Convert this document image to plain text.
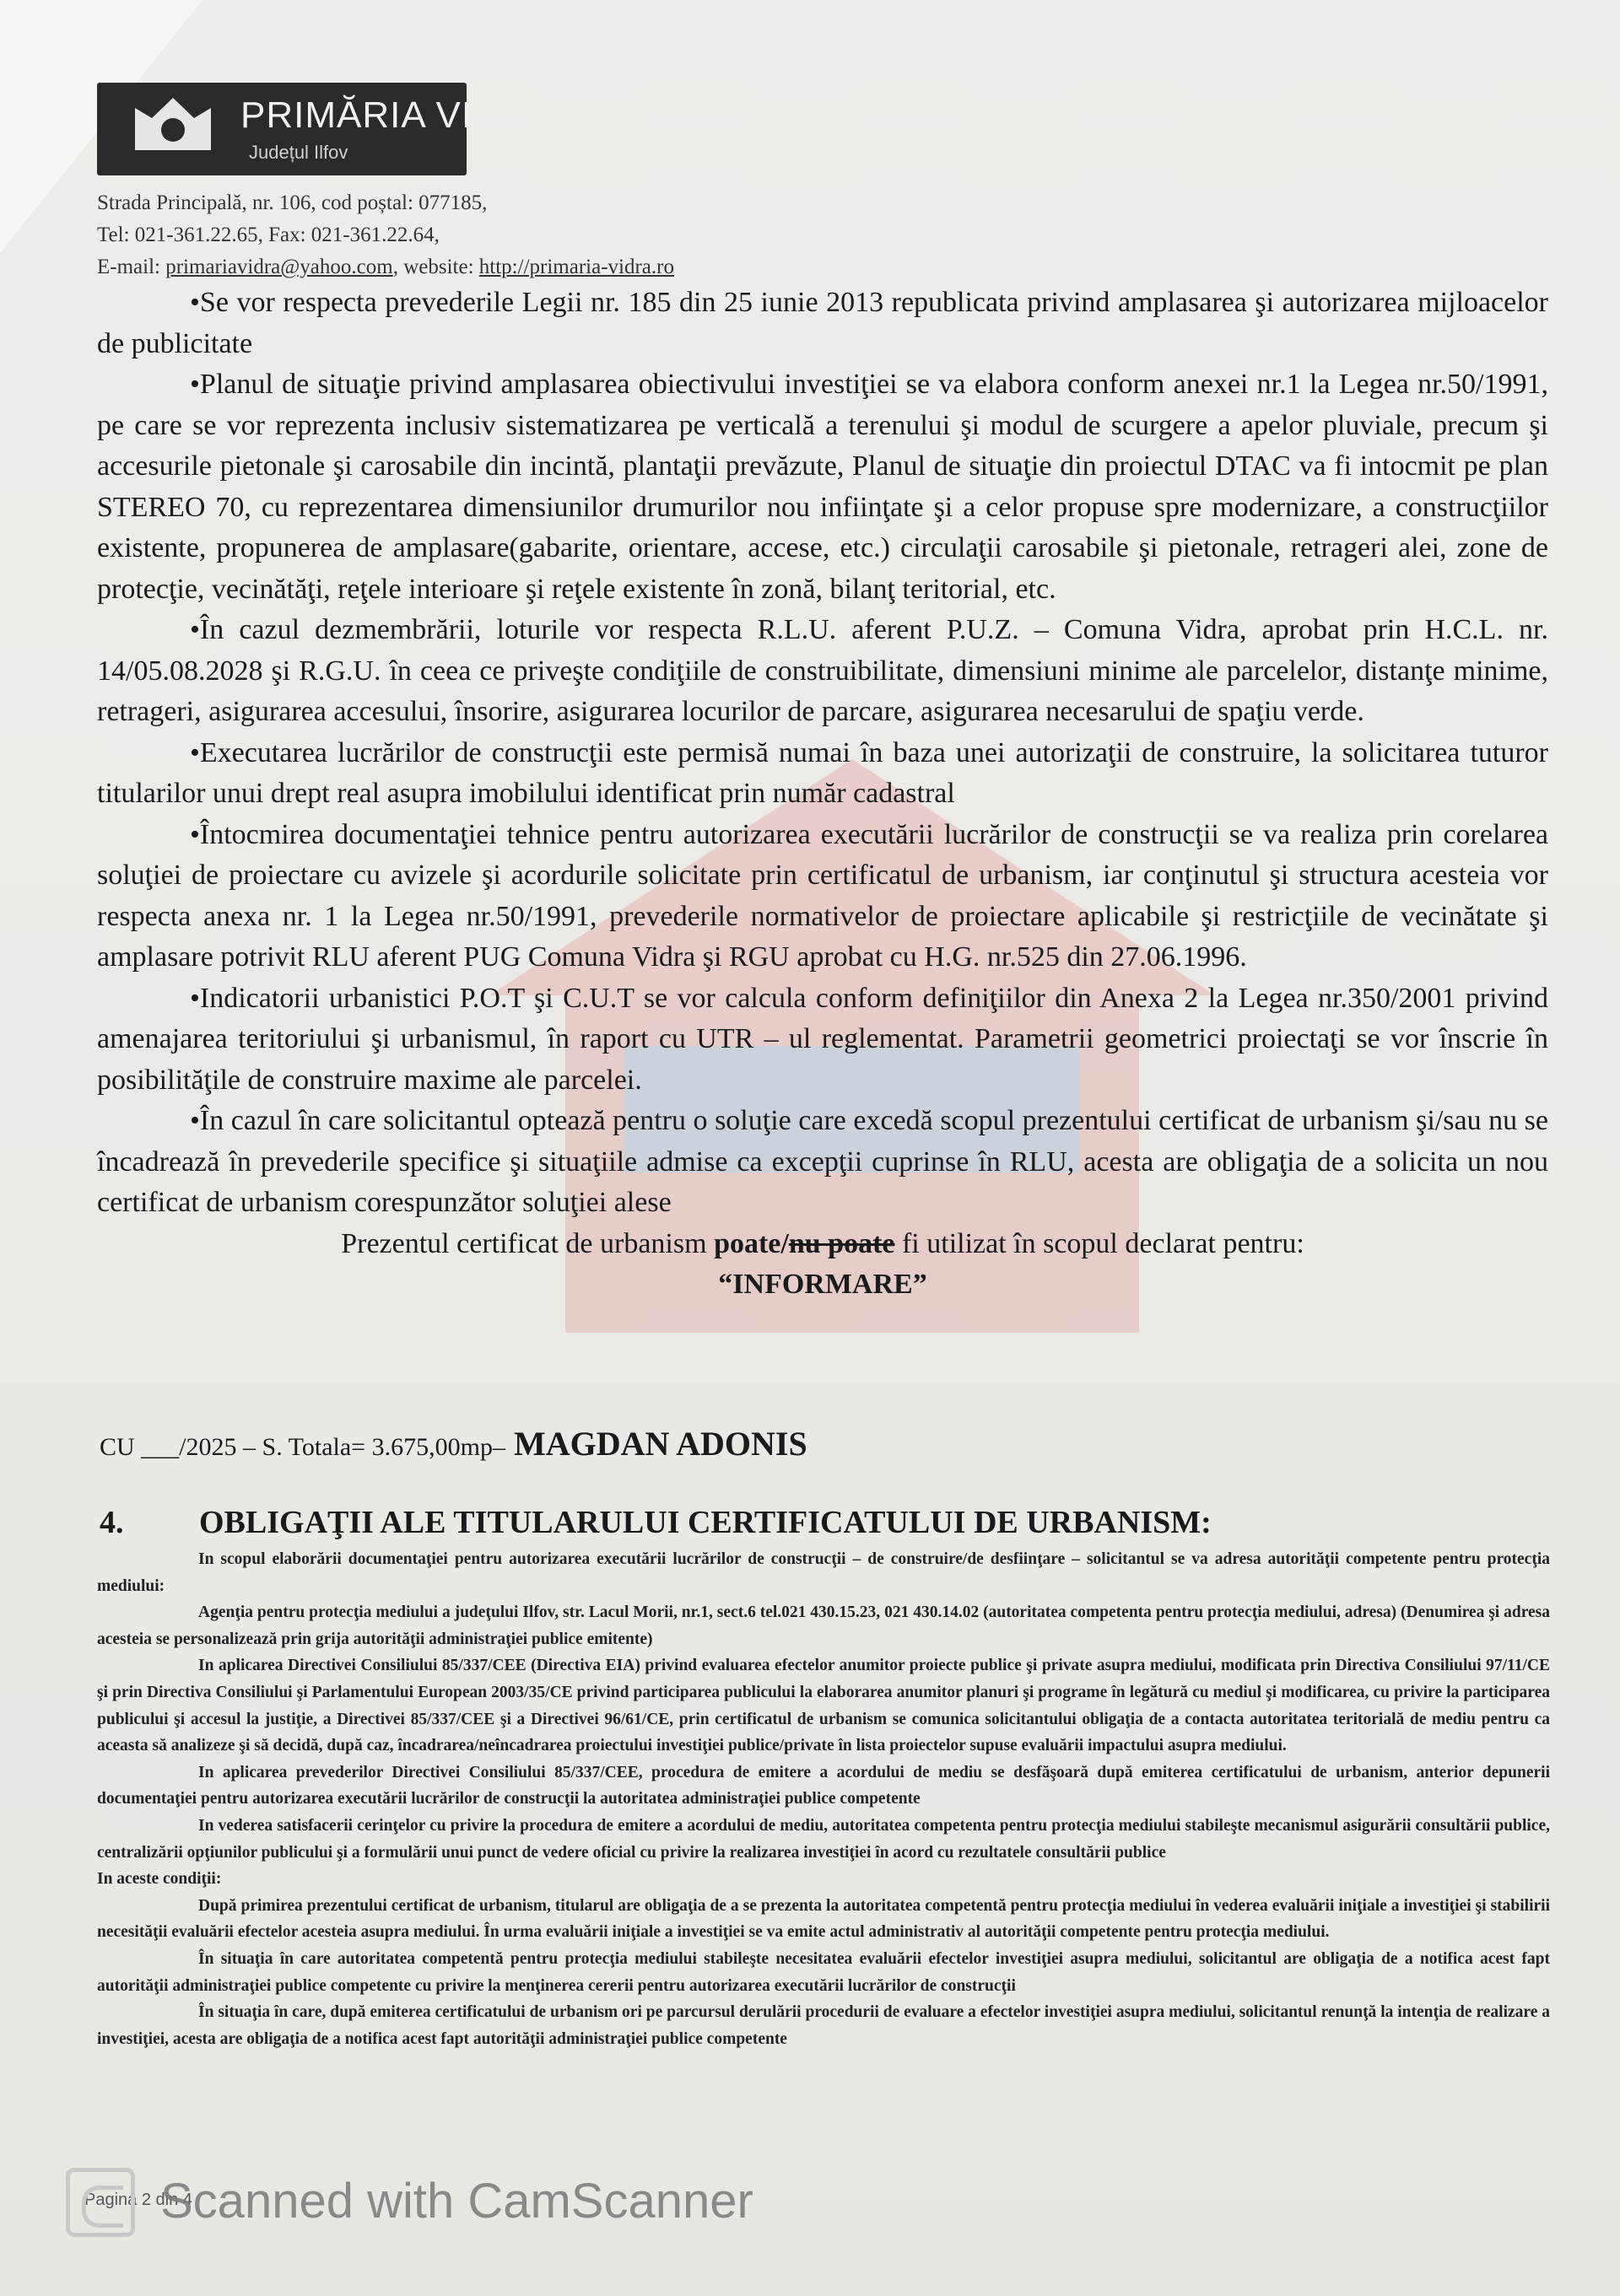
PRIMĂRIA VI
Județul Ilfov
Strada Principală, nr. 106, cod poștal: 077185,
Tel: 021-361.22.65, Fax: 021-361.22.64,
E-mail: primariavidra@yahoo.com, website: http://primaria-vidra.ro

•Se vor respecta prevederile Legii nr. 185 din 25 iunie 2013 republicata privind amplasarea şi autorizarea mijloacelor de publicitate

•Planul de situaţie privind amplasarea obiectivului investiţiei se va elabora conform anexei nr.1 la Legea nr.50/1991, pe care se vor reprezenta inclusiv sistematizarea pe verticală a terenului şi modul de scurgere a apelor pluviale, precum şi accesurile pietonale şi carosabile din incintă, plantaţii prevăzute, Planul de situaţie din proiectul DTAC va fi intocmit pe plan STEREO 70, cu reprezentarea dimensiunilor drumurilor nou infiinţate şi a celor propuse spre modernizare, a construcţiilor existente, propunerea de amplasare(gabarite, orientare, accese, etc.) circulaţii carosabile şi pietonale, retrageri alei, zone de protecţie, vecinătăţi, reţele interioare şi reţele existente în zonă, bilanţ teritorial, etc.

•În cazul dezmembrării, loturile vor respecta R.L.U. aferent P.U.Z. – Comuna Vidra, aprobat prin H.C.L. nr. 14/05.08.2028 şi R.G.U. în ceea ce priveşte condiţiile de construibilitate, dimensiuni minime ale parcelelor, distanţe minime, retrageri, asigurarea accesului, însorire, asigurarea locurilor de parcare, asigurarea necesarului de spaţiu verde.

•Executarea lucrărilor de construcţii este permisă numai în baza unei autorizaţii de construire, la solicitarea tuturor titularilor unui drept real asupra imobilului identificat prin număr cadastral

•Întocmirea documentaţiei tehnice pentru autorizarea executării lucrărilor de construcţii se va realiza prin corelarea soluţiei de proiectare cu avizele şi acordurile solicitate prin certificatul de urbanism, iar conţinutul şi structura acesteia vor respecta anexa nr. 1 la Legea nr.50/1991, prevederile normativelor de proiectare aplicabile şi restricţiile de vecinătate şi amplasare potrivit RLU aferent PUG Comuna Vidra şi RGU aprobat cu H.G. nr.525 din 27.06.1996.

•Indicatorii urbanistici P.O.T şi C.U.T se vor calcula conform definiţiilor din Anexa 2 la Legea nr.350/2001 privind amenajarea teritoriului şi urbanismul, în raport cu UTR – ul reglementat. Parametrii geometrici proiectaţi se vor înscrie în posibilităţile de construire maxime ale parcelei.

•În cazul în care solicitantul optează pentru o soluţie care excedă scopul prezentului certificat de urbanism şi/sau nu se încadrează în prevederile specifice şi situaţiile admise ca excepţii cuprinse în RLU, acesta are obligaţia de a solicita un nou certificat de urbanism corespunzător soluţiei alese

Prezentul certificat de urbanism poate/nu poate fi utilizat în scopul declarat pentru:

“INFORMARE”

CU ___/2025 – S. Totala= 3.675,00mp– MAGDAN ADONIS
4. OBLIGAŢII ALE TITULARULUI CERTIFICATULUI DE URBANISM:

In scopul elaborării documentaţiei pentru autorizarea executării lucrărilor de construcţii – de construire/de desfiinţare – solicitantul se va adresa autorităţii competente pentru protecţia mediului:

Agenţia pentru protecţia mediului a judeţului Ilfov, str. Lacul Morii, nr.1, sect.6 tel.021 430.15.23, 021 430.14.02 (autoritatea competenta pentru protecţia mediului, adresa) (Denumirea şi adresa acesteia se personalizează prin grija autorităţii administraţiei publice emitente)

In aplicarea Directivei Consiliului 85/337/CEE (Directiva EIA) privind evaluarea efectelor anumitor proiecte publice şi private asupra mediului, modificata prin Directiva Consiliului 97/11/CE şi prin Directiva Consiliului şi Parlamentului European 2003/35/CE privind participarea publicului la elaborarea anumitor planuri şi programe în legătură cu mediul şi modificarea, cu privire la participarea publicului şi accesul la justiţie, a Directivei 85/337/CEE şi a Directivei 96/61/CE, prin certificatul de urbanism se comunica solicitantului obligaţia de a contacta autoritatea teritorială de mediu pentru ca aceasta să analizeze şi să decidă, după caz, încadrarea/neîncadrarea proiectului investiţiei publice/private în lista proiectelor supuse evaluării impactului asupra mediului.

In aplicarea prevederilor Directivei Consiliului 85/337/CEE, procedura de emitere a acordului de mediu se desfăşoară după emiterea certificatului de urbanism, anterior depunerii documentaţiei pentru autorizarea executării lucrărilor de construcţii la autoritatea administraţiei publice competente

In vederea satisfacerii cerinţelor cu privire la procedura de emitere a acordului de mediu, autoritatea competenta pentru protecţia mediului stabileşte mecanismul asigurării consultării publice, centralizării opţiunilor publicului şi a formulării unui punct de vedere oficial cu privire la realizarea investiţiei în acord cu rezultatele consultării publice

In aceste condiţii:

După primirea prezentului certificat de urbanism, titularul are obligaţia de a se prezenta la autoritatea competentă pentru protecţia mediului în vederea evaluării iniţiale a investiţiei şi stabilirii necesităţii evaluării efectelor acesteia asupra mediului. În urma evaluării iniţiale a investiţiei se va emite actul administrativ al autorităţii competente pentru protecţia mediului.

În situaţia în care autoritatea competentă pentru protecţia mediului stabileşte necesitatea evaluării efectelor investiţiei asupra mediului, solicitantul are obligaţia de a notifica acest fapt autorităţii administraţiei publice competente cu privire la menţinerea cererii pentru autorizarea executării lucrărilor de construcţii

În situaţia în care, după emiterea certificatului de urbanism ori pe parcursul derulării procedurii de evaluare a efectelor investiţiei asupra mediului, solicitantul renunţă la intenţia de realizare a investiţiei, acesta are obligaţia de a notifica acest fapt autorităţii administraţiei publice competente

Pagina 2 din 4
Scanned with CamScanner
